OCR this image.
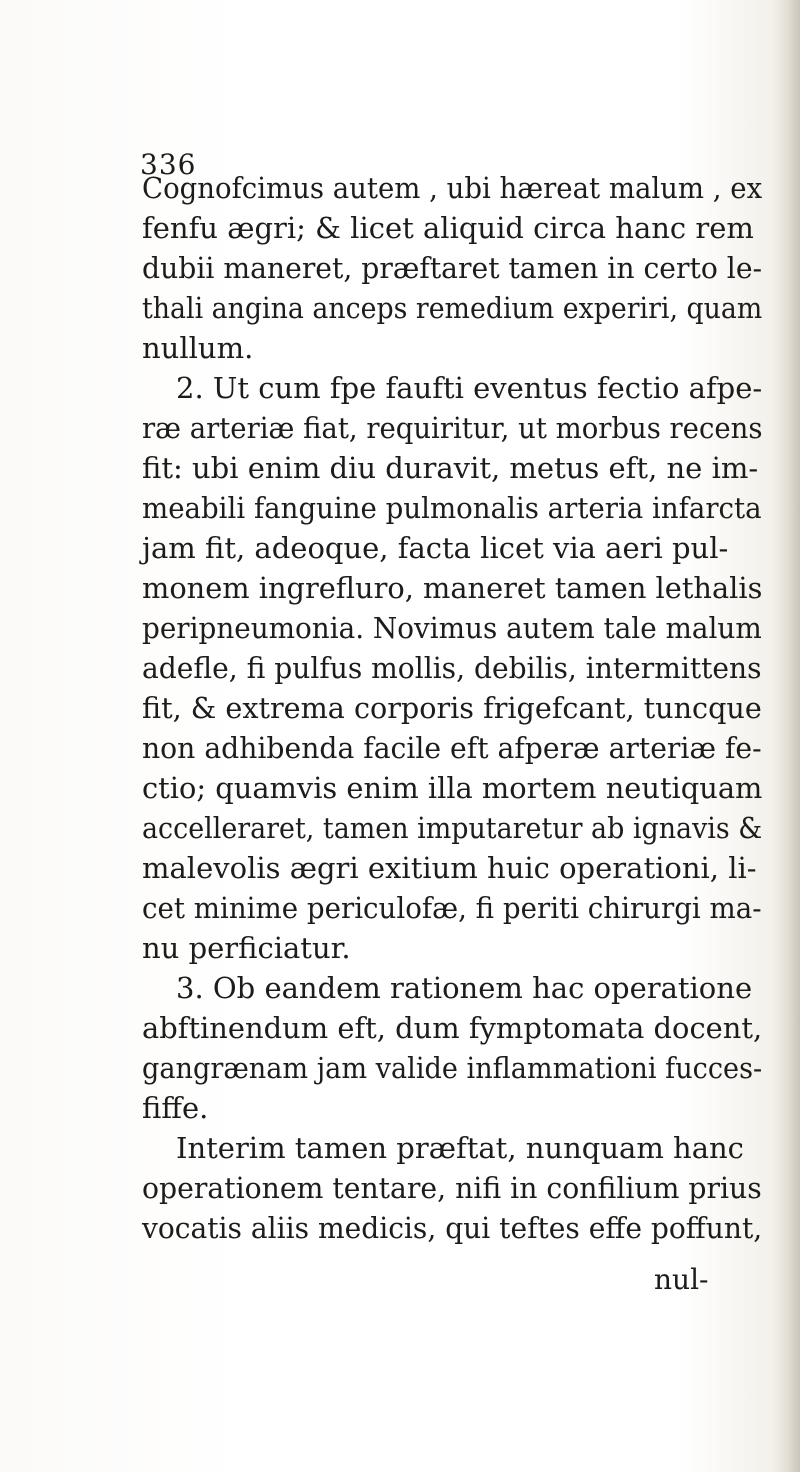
336
Cognofcimus autem , ubi hæreat malum , ex
fenfu ægri; & licet aliquid circa hanc rem
dubii maneret, præftaret tamen in certo le-
thali angina anceps remedium experiri, quam
nullum.
2. Ut cum fpe faufti eventus fectio afpe-
ræ arteriæ fiat, requiritur, ut morbus recens
fit: ubi enim diu duravit, metus eft, ne im-
meabili fanguine pulmonalis arteria infarcta
jam fit, adeoque, facta licet via aeri pul-
monem ingrefluro, maneret tamen lethalis
peripneumonia. Novimus autem tale malum
adefle, fi pulfus mollis, debilis, intermittens
fit, & extrema corporis frigefcant, tuncque
non adhibenda facile eft afperæ arteriæ fe-
ctio; quamvis enim illa mortem neutiquam
accelleraret, tamen imputaretur ab ignavis &
malevolis ægri exitium huic operationi, li-
cet minime periculofæ, fi periti chirurgi ma-
nu perficiatur.
3. Ob eandem rationem hac operatione
abftinendum eft, dum fymptomata docent,
gangrænam jam valide inflammationi fucces-
fiffe.
Interim tamen præftat, nunquam hanc
operationem tentare, nifi in confilium prius
vocatis aliis medicis, qui teftes effe poffunt,
nul-
